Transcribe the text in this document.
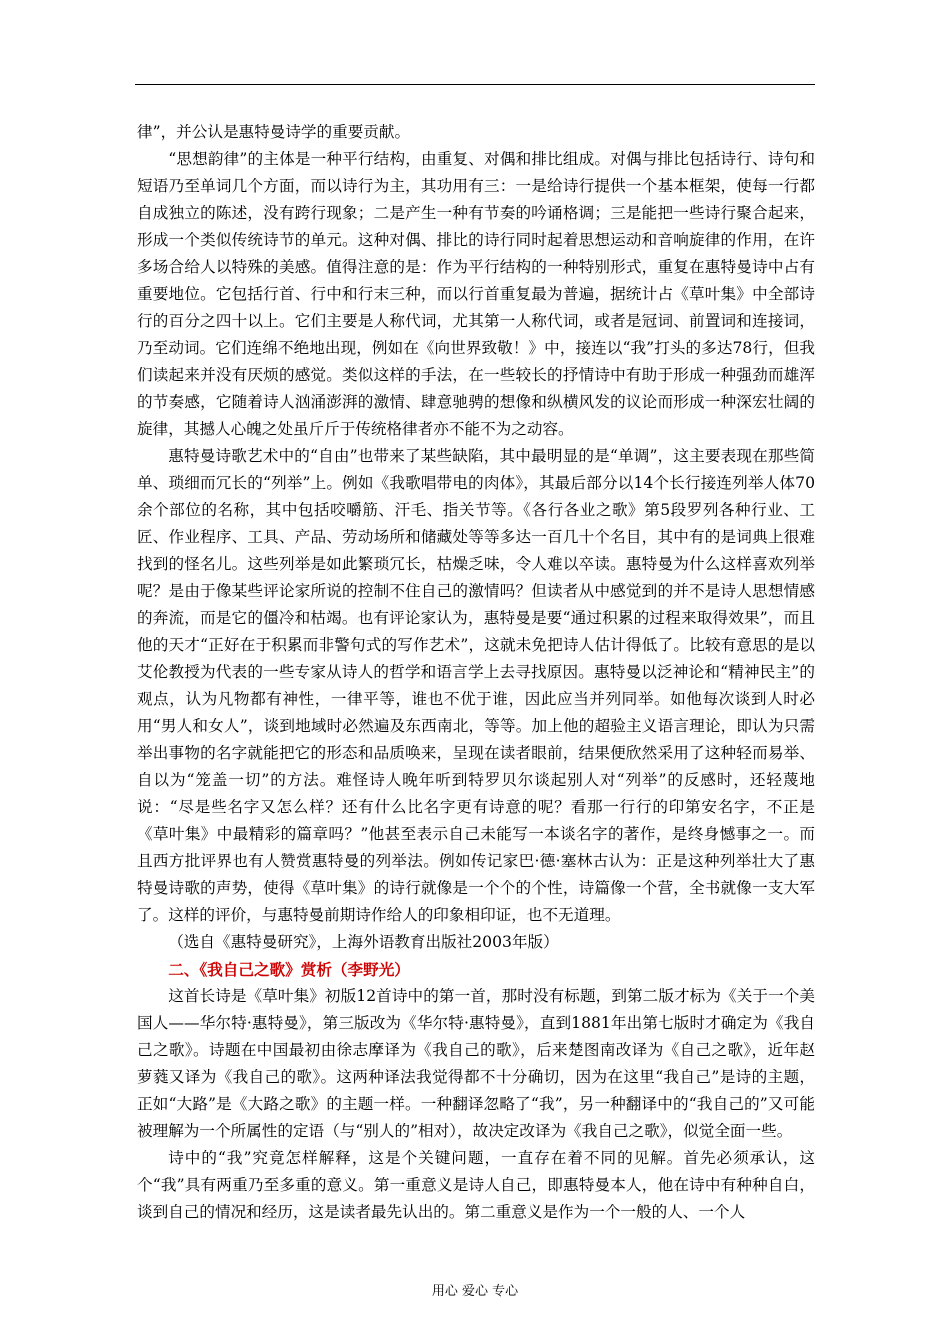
律”，并公认是惠特曼诗学的重要贡献。

“思想韵律”的主体是一种平行结构，由重复、对偶和排比组成。对偶与排比包括诗行、诗句和短语乃至单词几个方面，而以诗行为主，其功用有三：一是给诗行提供一个基本框架，使每一行都自成独立的陈述，没有跨行现象；二是产生一种有节奏的吟诵格调；三是能把一些诗行聚合起来，形成一个类似传统诗节的单元。这种对偶、排比的诗行同时起着思想运动和音响旋律的作用，在许多场合给人以特殊的美感。值得注意的是：作为平行结构的一种特别形式，重复在惠特曼诗中占有重要地位。它包括行首、行中和行末三种，而以行首重复最为普遍，据统计占《草叶集》中全部诗行的百分之四十以上。它们主要是人称代词，尤其第一人称代词，或者是冠词、前置词和连接词，乃至动词。它们连绵不绝地出现，例如在《向世界致敬！》中，接连以“我”打头的多达78行，但我们读起来并没有厌烦的感觉。类似这样的手法，在一些较长的抒情诗中有助于形成一种强劲而雄浑的节奏感，它随着诗人汹涌澎湃的激情、肆意驰骋的想像和纵横风发的议论而形成一种深宏壮阔的旋律，其撼人心魄之处虽斤斤于传统格律者亦不能不为之动容。

惠特曼诗歌艺术中的“自由”也带来了某些缺陷，其中最明显的是“单调”，这主要表现在那些简单、琐细而冗长的“列举”上。例如《我歌唱带电的肉体》，其最后部分以14个长行接连列举人体70余个部位的名称，其中包括咬嚼筋、汗毛、指关节等。《各行各业之歌》第5段罗列各种行业、工匠、作业程序、工具、产品、劳动场所和储藏处等等多达一百几十个名目，其中有的是词典上很难找到的怪名儿。这些列举是如此繁琐冗长，枯燥乏味，令人难以卒读。惠特曼为什么这样喜欢列举呢？是由于像某些评论家所说的控制不住自己的激情吗？但读者从中感觉到的并不是诗人思想情感的奔流，而是它的僵冷和枯竭。也有评论家认为，惠特曼是要“通过积累的过程来取得效果”，而且他的天才“正好在于积累而非警句式的写作艺术”，这就未免把诗人估计得低了。比较有意思的是以艾伦教授为代表的一些专家从诗人的哲学和语言学上去寻找原因。惠特曼以泛神论和“精神民主”的观点，认为凡物都有神性，一律平等，谁也不优于谁，因此应当并列同举。如他每次谈到人时必用“男人和女人”，谈到地域时必然遍及东西南北，等等。加上他的超验主义语言理论，即认为只需举出事物的名字就能把它的形态和品质唤来，呈现在读者眼前，结果便欣然采用了这种轻而易举、自以为“笼盖一切”的方法。难怪诗人晚年听到特罗贝尔谈起别人对“列举”的反感时，还轻蔑地说：“尽是些名字又怎么样？还有什么比名字更有诗意的呢？看那一行行的印第安名字，不正是《草叶集》中最精彩的篇章吗？”他甚至表示自己未能写一本谈名字的著作，是终身憾事之一。而且西方批评界也有人赞赏惠特曼的列举法。例如传记家巴·德·塞林古认为：正是这种列举壮大了惠特曼诗歌的声势，使得《草叶集》的诗行就像是一个个的个性，诗篇像一个营，全书就像一支大军了。这样的评价，与惠特曼前期诗作给人的印象相印证，也不无道理。

（选自《惠特曼研究》，上海外语教育出版社2003年版）

二、《我自己之歌》赏析（李野光）

这首长诗是《草叶集》初版12首诗中的第一首，那时没有标题，到第二版才标为《关于一个美国人——华尔特·惠特曼》，第三版改为《华尔特·惠特曼》，直到1881年出第七版时才确定为《我自己之歌》。诗题在中国最初由徐志摩译为《我自己的歌》，后来楚图南改译为《自己之歌》，近年赵萝蕤又译为《我自己的歌》。这两种译法我觉得都不十分确切，因为在这里“我自己”是诗的主题，正如“大路”是《大路之歌》的主题一样。一种翻译忽略了“我”，另一种翻译中的“我自己的”又可能被理解为一个所属性的定语（与“别人的”相对），故决定改译为《我自己之歌》，似觉全面一些。

诗中的“我”究竟怎样解释，这是个关键问题，一直存在着不同的见解。首先必须承认，这个“我”具有两重乃至多重的意义。第一重意义是诗人自己，即惠特曼本人，他在诗中有种种自白，谈到自己的情况和经历，这是读者最先认出的。第二重意义是作为一个一般的人、一个人

用心 爱心 专心
